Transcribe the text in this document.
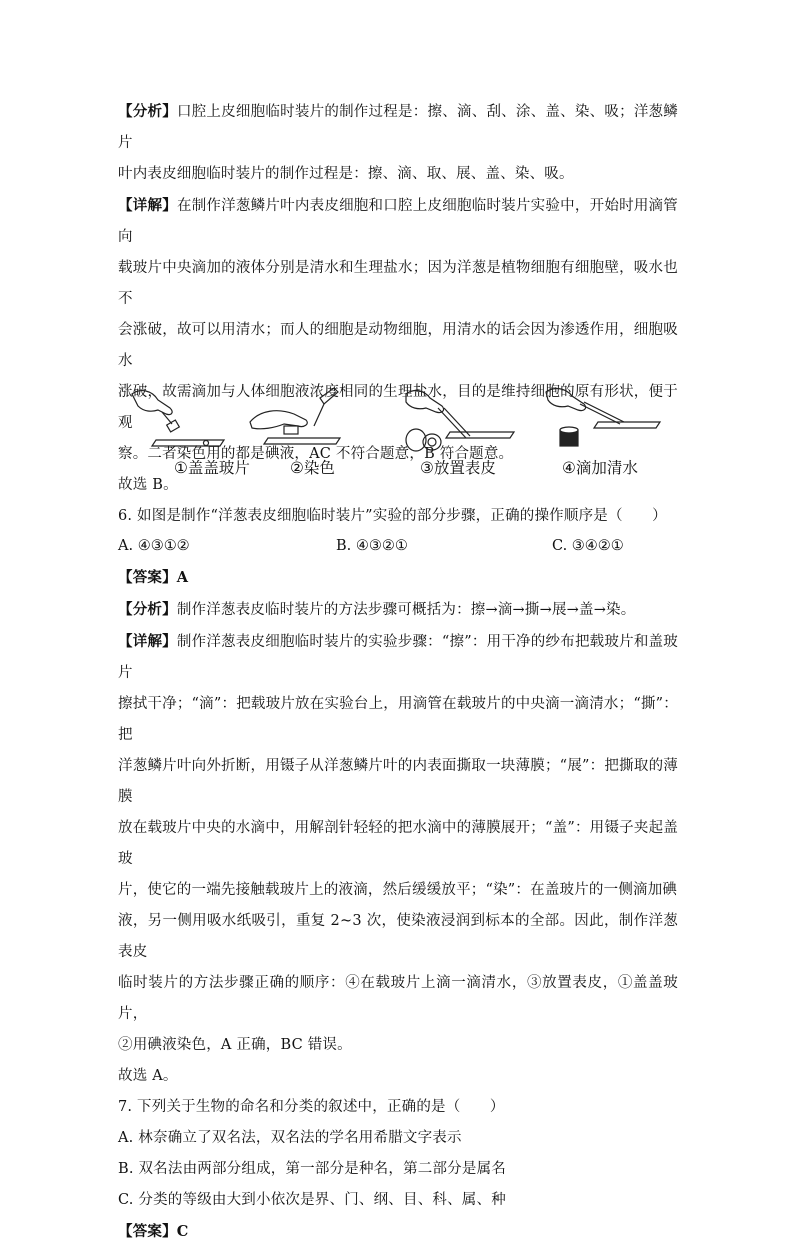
【分析】口腔上皮细胞临时装片的制作过程是：擦、滴、刮、涂、盖、染、吸；洋葱鳞片
叶内表皮细胞临时装片的制作过程是：擦、滴、取、展、盖、染、吸。

【详解】在制作洋葱鳞片叶内表皮细胞和口腔上皮细胞临时装片实验中，开始时用滴管向
载玻片中央滴加的液体分别是清水和生理盐水；因为洋葱是植物细胞有细胞壁，吸水也不
会涨破，故可以用清水；而人的细胞是动物细胞，用清水的话会因为渗透作用，细胞吸水
涨破，故需滴加与人体细胞液浓度相同的生理盐水，目的是维持细胞的原有形状，便于观
察。二者染色用的都是碘液，AC 不符合题意，B 符合题意。

故选 B。

6. 如图是制作“洋葱表皮细胞临时装片”实验的部分步骤，正确的操作顺序是（　　）

①盖盖玻片	②染色	③放置表皮	④滴加清水
A. ④③①②	B. ④③②①	C. ③④②①

【答案】A

【分析】制作洋葱表皮临时装片的方法步骤可概括为：擦→滴→撕→展→盖→染。

【详解】制作洋葱表皮细胞临时装片的实验步骤：“擦”：用干净的纱布把载玻片和盖玻片
擦拭干净；“滴”：把载玻片放在实验台上，用滴管在载玻片的中央滴一滴清水；“撕”：把
洋葱鳞片叶向外折断，用镊子从洋葱鳞片叶的内表面撕取一块薄膜；“展”：把撕取的薄膜
放在载玻片中央的水滴中，用解剖针轻轻的把水滴中的薄膜展开；“盖”：用镊子夹起盖玻
片，使它的一端先接触载玻片上的液滴，然后缓缓放平；“染”：在盖玻片的一侧滴加碘
液，另一侧用吸水纸吸引，重复 2~3 次，使染液浸润到标本的全部。因此，制作洋葱表皮
临时装片的方法步骤正确的顺序：④在载玻片上滴一滴清水，③放置表皮，①盖盖玻片，
②用碘液染色，A 正确，BC 错误。

故选 A。

7. 下列关于生物的命名和分类的叙述中，正确的是（　　）

A. 林奈确立了双名法，双名法的学名用希腊文字表示

B. 双名法由两部分组成，第一部分是种名，第二部分是属名

C. 分类的等级由大到小依次是界、门、纲、目、科、属、种

【答案】C
